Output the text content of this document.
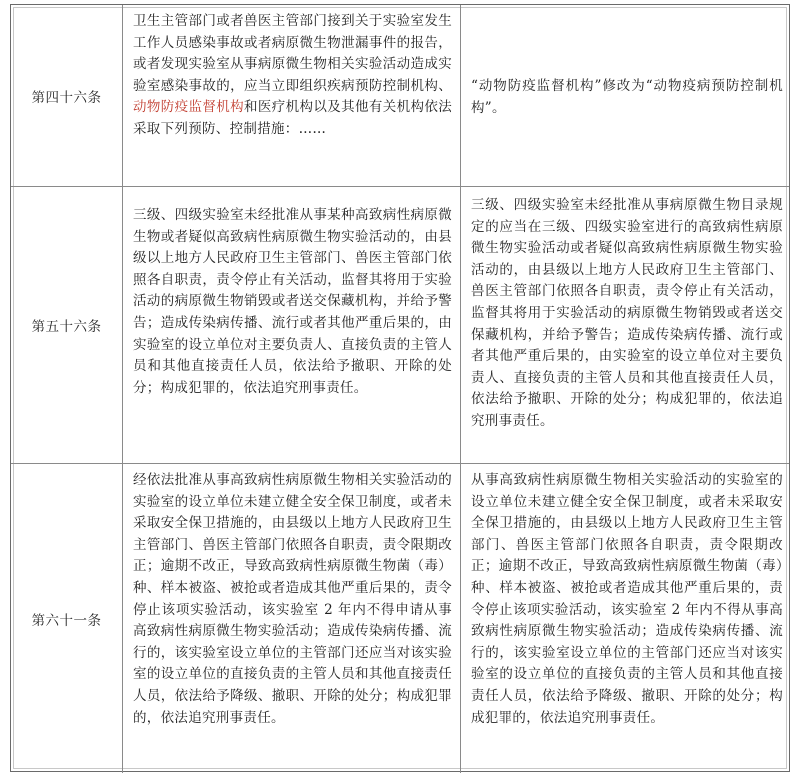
第四十六条
卫生主管部门或者兽医主管部门接到关于实验室发生工作人员感染事故或者病原微生物泄漏事件的报告，或者发现实验室从事病原微生物相关实验活动造成实验室感染事故的，应当立即组织疾病预防控制机构、动物防疫监督机构和医疗机构以及其他有关机构依法采取下列预防、控制措施：……
“动物防疫监督机构”修改为“动物疫病预防控制机构”。
第五十六条
三级、四级实验室未经批准从事某种高致病性病原微生物或者疑似高致病性病原微生物实验活动的，由县级以上地方人民政府卫生主管部门、兽医主管部门依照各自职责，责令停止有关活动，监督其将用于实验活动的病原微生物销毁或者送交保藏机构，并给予警告；造成传染病传播、流行或者其他严重后果的，由实验室的设立单位对主要负责人、直接负责的主管人员和其他直接责任人员，依法给予撤职、开除的处分；构成犯罪的，依法追究刑事责任。
三级、四级实验室未经批准从事病原微生物目录规定的应当在三级、四级实验室进行的高致病性病原微生物实验活动或者疑似高致病性病原微生物实验活动的，由县级以上地方人民政府卫生主管部门、兽医主管部门依照各自职责，责令停止有关活动，监督其将用于实验活动的病原微生物销毁或者送交保藏机构，并给予警告；造成传染病传播、流行或者其他严重后果的，由实验室的设立单位对主要负责人、直接负责的主管人员和其他直接责任人员，依法给予撤职、开除的处分；构成犯罪的，依法追究刑事责任。
第六十一条
经依法批准从事高致病性病原微生物相关实验活动的实验室的设立单位未建立健全安全保卫制度，或者未采取安全保卫措施的，由县级以上地方人民政府卫生主管部门、兽医主管部门依照各自职责，责令限期改正；逾期不改正，导致高致病性病原微生物菌（毒）种、样本被盗、被抢或者造成其他严重后果的，责令停止该项实验活动，该实验室 2 年内不得申请从事高致病性病原微生物实验活动；造成传染病传播、流行的，该实验室设立单位的主管部门还应当对该实验室的设立单位的直接负责的主管人员和其他直接责任人员，依法给予降级、撤职、开除的处分；构成犯罪的，依法追究刑事责任。
从事高致病性病原微生物相关实验活动的实验室的设立单位未建立健全安全保卫制度，或者未采取安全保卫措施的，由县级以上地方人民政府卫生主管部门、兽医主管部门依照各自职责，责令限期改正；逾期不改正，导致高致病性病原微生物菌（毒）种、样本被盗、被抢或者造成其他严重后果的，责令停止该项实验活动，该实验室 2 年内不得从事高致病性病原微生物实验活动；造成传染病传播、流行的，该实验室设立单位的主管部门还应当对该实验室的设立单位的直接负责的主管人员和其他直接责任人员，依法给予降级、撤职、开除的处分；构成犯罪的，依法追究刑事责任。
